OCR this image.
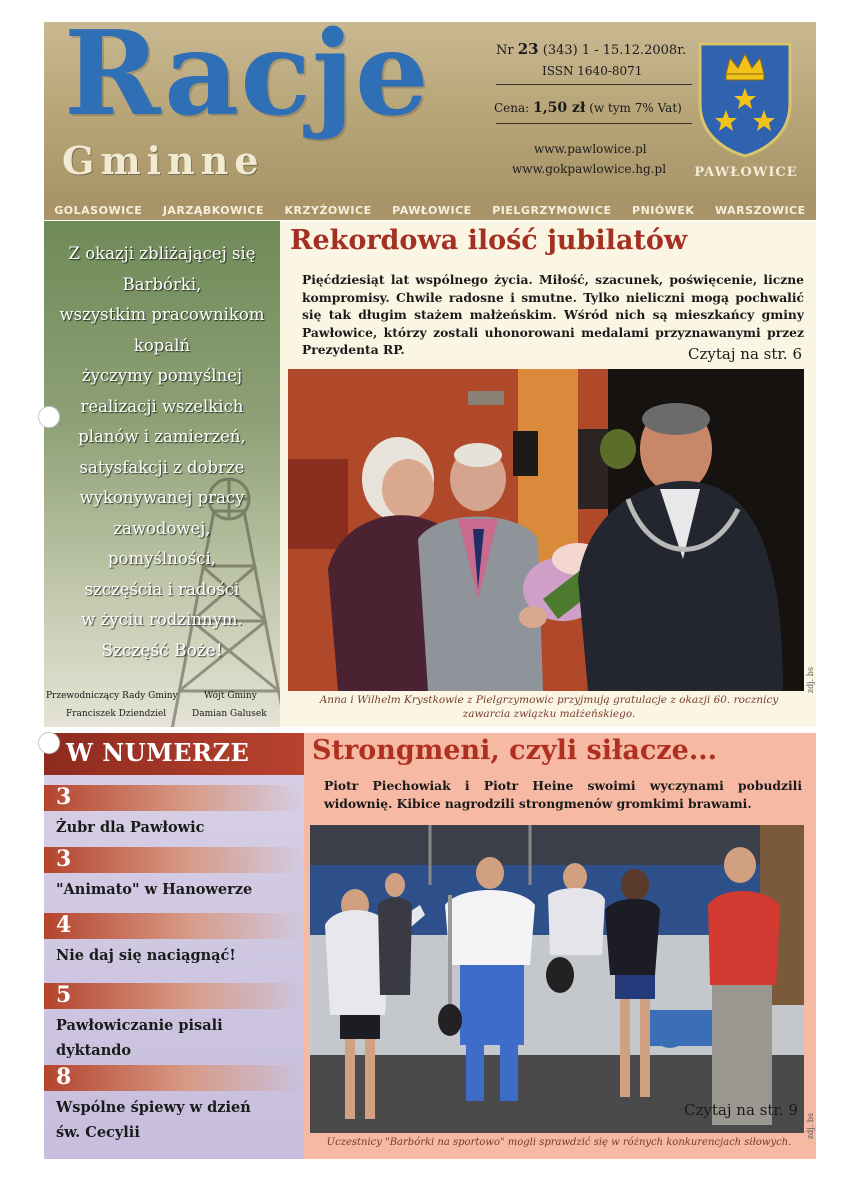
Racje
Gminne
Nr 23 (343) 1 - 15.12.2008r.
ISSN 1640-8071
Cena: 1,50 zł (w tym 7% Vat)
www.pawlowice.pl
www.gokpawlowice.hg.pl	PAWŁOWICE
GOLASOWICE JARZĄBKOWICE KRZYŻOWICE PAWŁOWICE PIELGRZYMOWICE PNIÓWEK WARSZOWICE
Z okazji zbliżającej się
Barbórki,
wszystkim pracownikom
kopalń
życzymy pomyślnej
realizacji wszelkich
planów i zamierzeń,
satysfakcji z dobrze
wykonywanej pracy
zawodowej,
pomyślności,
szczęścia i radości
w życiu rodzinnym.
Szczęść Boże!
Przewodniczący Rady Gminy
Franciszek Dziendziel
Wójt Gminy
Damian Galusek
Rekordowa ilość jubilatów
Pięćdziesiąt lat wspólnego życia. Miłość, szacunek, poświęcenie, liczne kompromisy. Chwile radosne i smutne. Tylko nieliczni mogą pochwalić się tak długim stażem małżeńskim. Wśród nich są mieszkańcy gminy Pawłowice, którzy zostali uhonorowani medalami przyznawanymi przez Prezydenta RP.	Czytaj na str. 6
zdj. bs
Anna i Wilhelm Krystkowie z Pielgrzymowic przyjmują gratulacje z okazji 60. rocznicy zawarcia związku małżeńskiego.
W NUMERZE
3
Żubr dla Pawłowic
3
"Animato" w Hanowerze
4
Nie daj się naciągnąć!
5
Pawłowiczanie pisali dyktando
8
Wspólne śpiewy w dzień św. Cecylii
Strongmeni, czyli siłacze...
Piotr Piechowiak i Piotr Heine swoimi wyczynami pobudzili widownię. Kibice nagrodzili strongmenów gromkimi brawami.
Czytaj na str. 9
zdj. bs
Uczestnicy "Barbórki na sportowo" mogli sprawdzić się w różnych konkurencjach siłowych.
